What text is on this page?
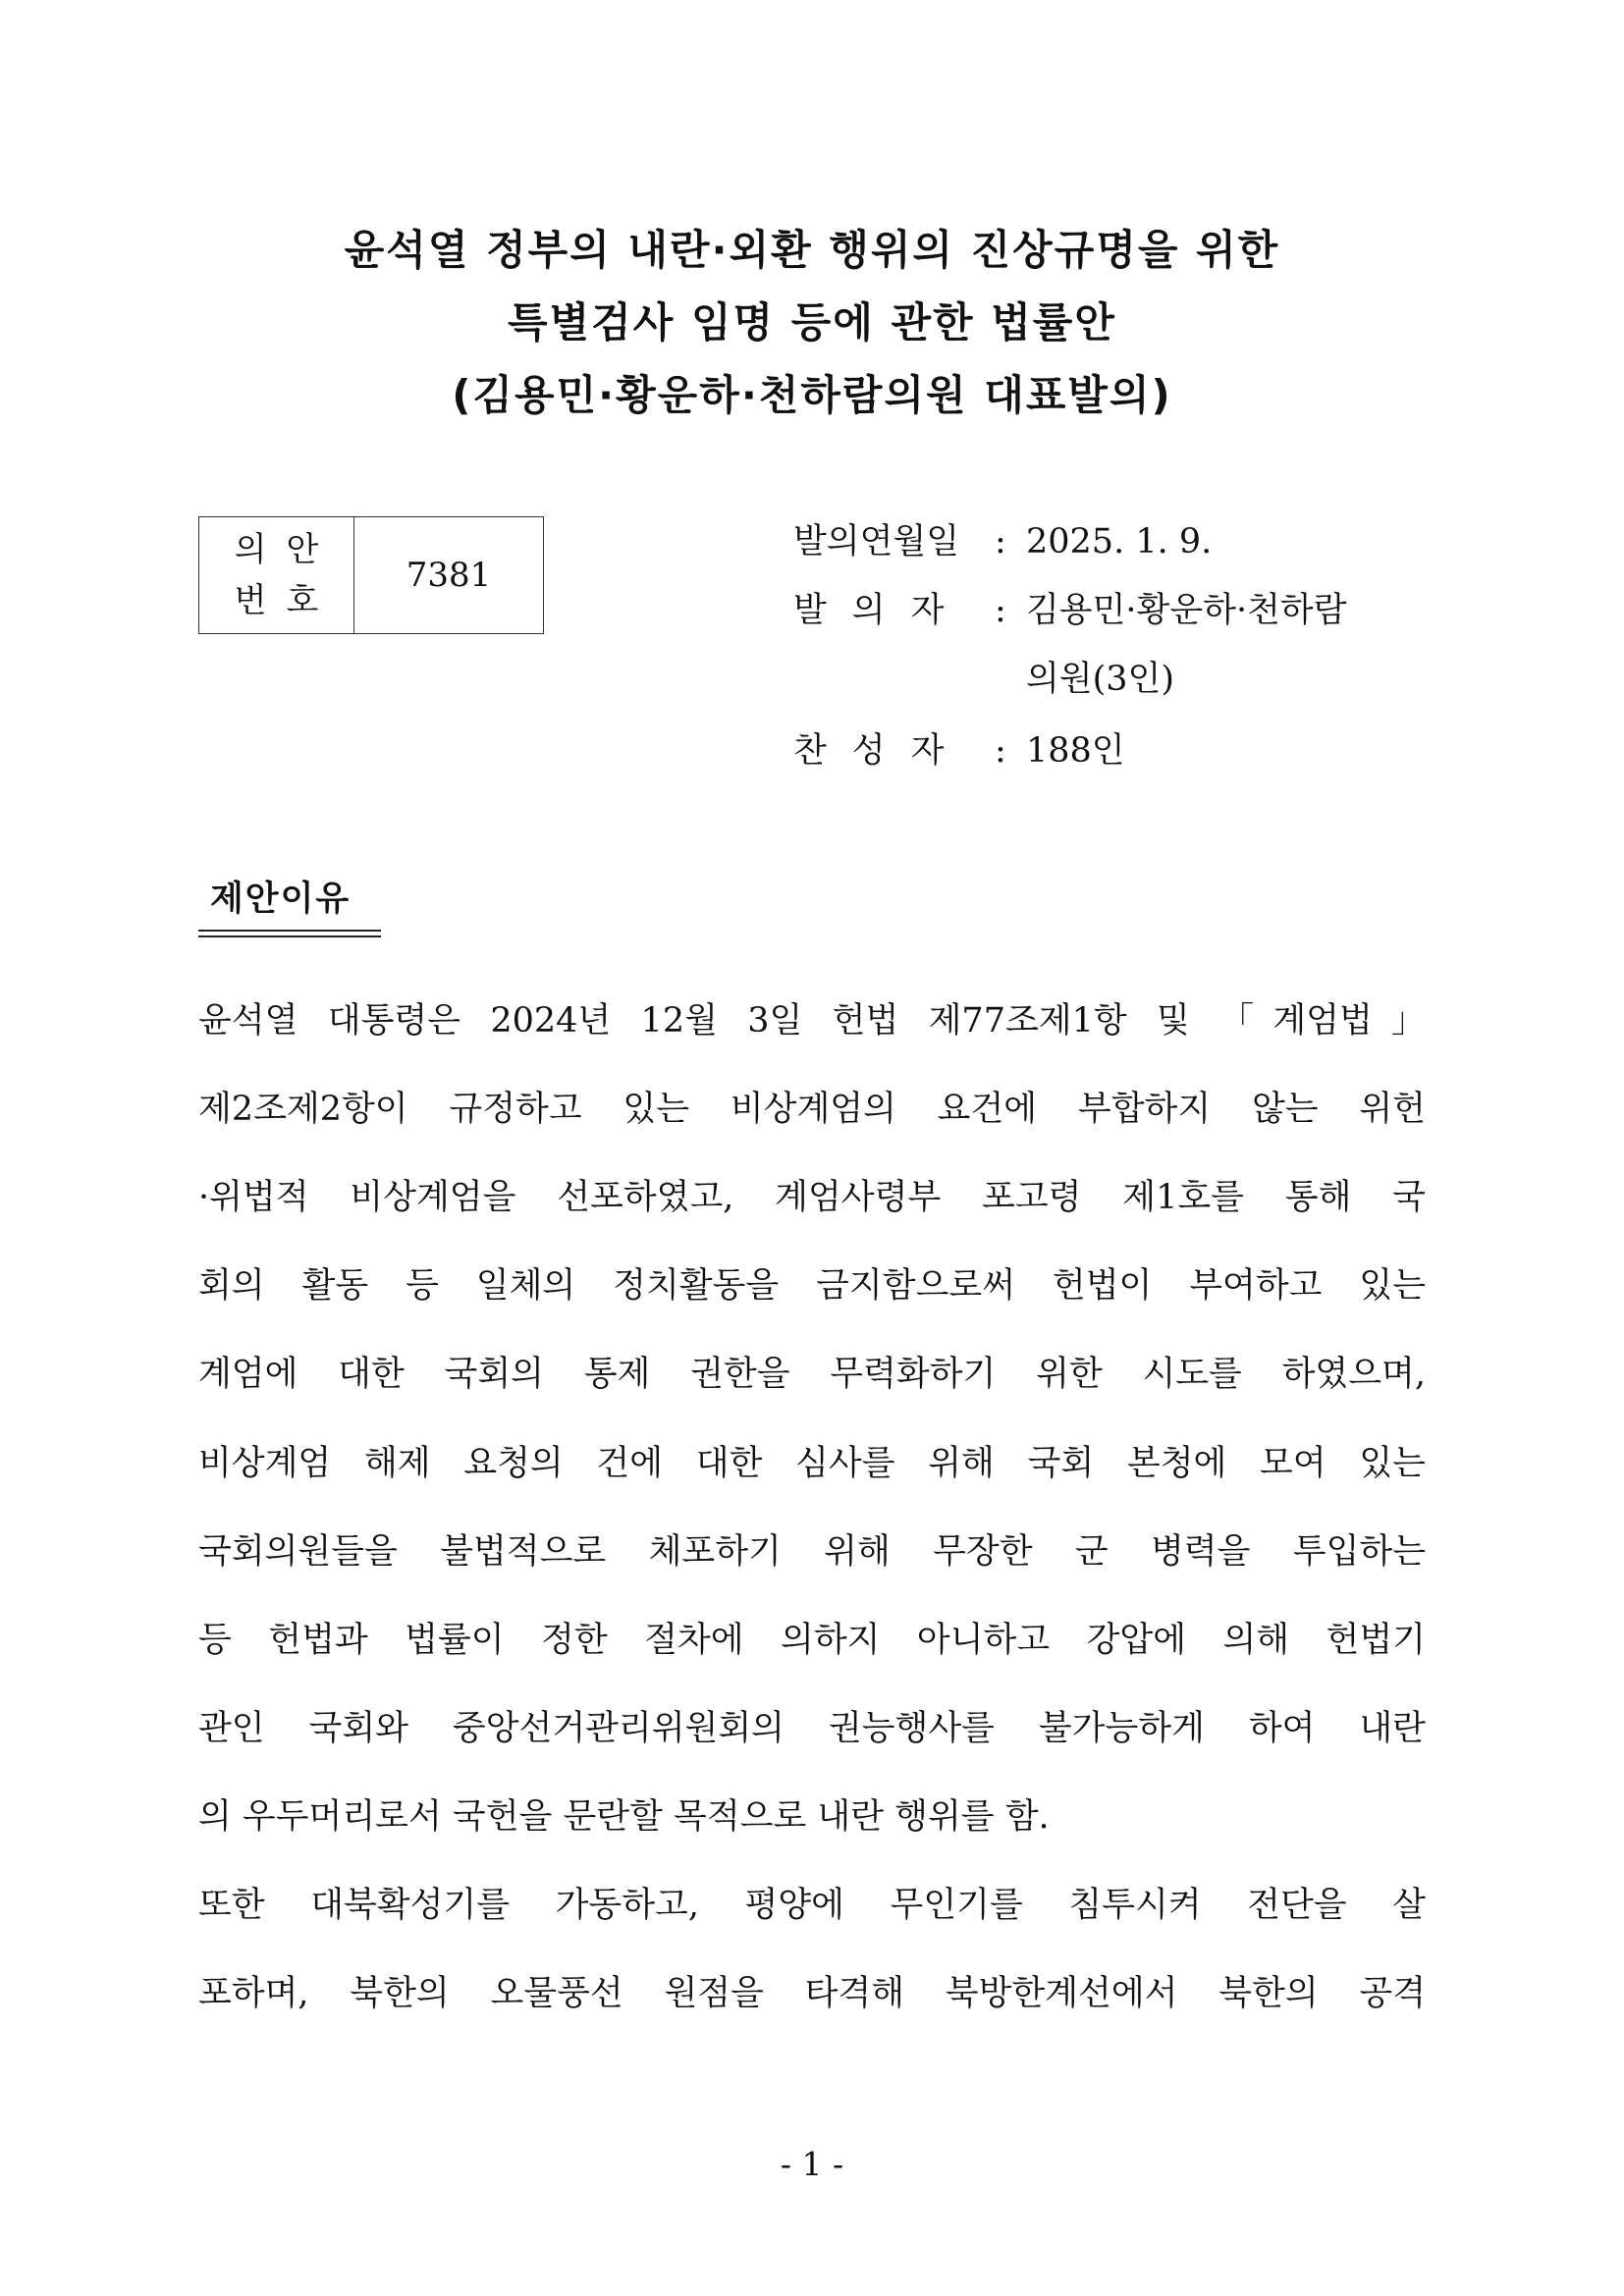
윤석열 정부의 내란·외환 행위의 진상규명을 위한
특별검사 임명 등에 관한 법률안
(김용민·황운하·천하람의원 대표발의)
의안
번호
7381
발의연월일 : 2025. 1. 9.
발의자 : 김용민·황운하·천하람
의원(3인)
찬성자 : 188인
제안이유
윤석열 대통령은 2024년 12월 3일 헌법 제77조제1항 및 「계엄법」
제2조제2항이 규정하고 있는 비상계엄의 요건에 부합하지 않는 위헌
·위법적 비상계엄을 선포하였고, 계엄사령부 포고령 제1호를 통해 국
회의 활동 등 일체의 정치활동을 금지함으로써 헌법이 부여하고 있는
계엄에 대한 국회의 통제 권한을 무력화하기 위한 시도를 하였으며,
비상계엄 해제 요청의 건에 대한 심사를 위해 국회 본청에 모여 있는
국회의원들을 불법적으로 체포하기 위해 무장한 군 병력을 투입하는
등 헌법과 법률이 정한 절차에 의하지 아니하고 강압에 의해 헌법기
관인 국회와 중앙선거관리위원회의 권능행사를 불가능하게 하여 내란
의 우두머리로서 국헌을 문란할 목적으로 내란 행위를 함.
또한 대북확성기를 가동하고, 평양에 무인기를 침투시켜 전단을 살
포하며, 북한의 오물풍선 원점을 타격해 북방한계선에서 북한의 공격
- 1 -
